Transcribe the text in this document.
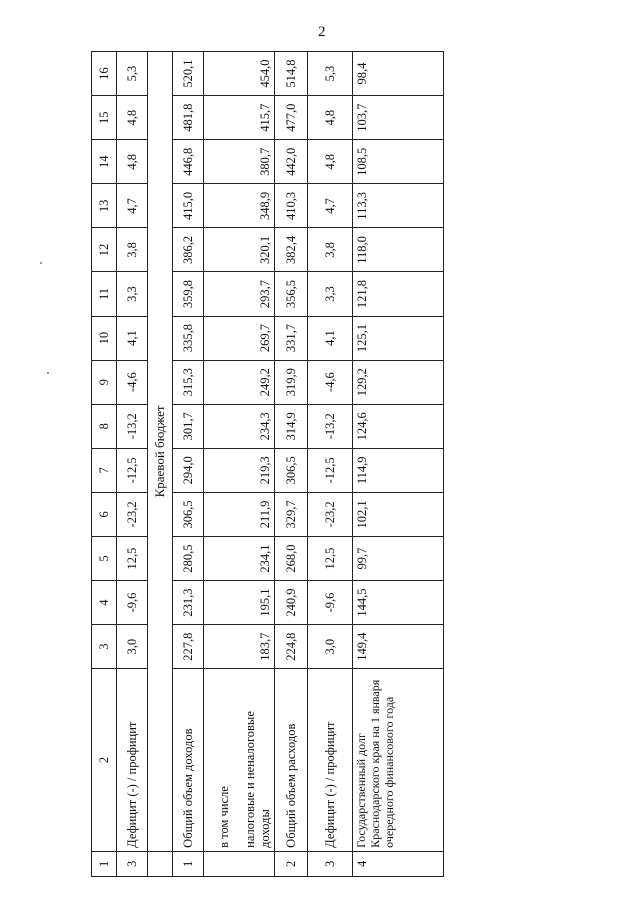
2
1	2	3	4	5	6	7	8	9	10	11	12	13	14	15	16
3	Дефицит (-) / профицит	3,0	-9,6	12,5	-23,2	-12,5	-13,2	-4,6	4,1	3,3	3,8	4,7	4,8	4,8	5,3
	Краевой бюджет														
1	Общий объем доходов	227,8	231,3	280,5	306,5	294,0	301,7	315,3	335,8	359,8	386,2	415,0	446,8	481,8	520,1

	в том числе налоговые и неналоговые доходы	183,7	195,1	234,1	211,9	219,3	234,3	249,2	269,7	293,7	320,1	348,9	380,7	415,7	454,0
2	Общий объем расходов	224,8	240,9	268,0	329,7	306,5	314,9	319,9	331,7	356,5	382,4	410,3	442,0	477,0	514,8
3	Дефицит (-) / профицит	3,0	-9,6	12,5	-23,2	-12,5	-13,2	-4,6	4,1	3,3	3,8	4,7	4,8	4,8	5,3
4	Государственный долг Краснодарского края на 1 января очередного финансового года	149,4	144,5	99,7	102,1	114,9	124,6	129,2	125,1	121,8	118,0	113,3	108,5	103,7	98,4
